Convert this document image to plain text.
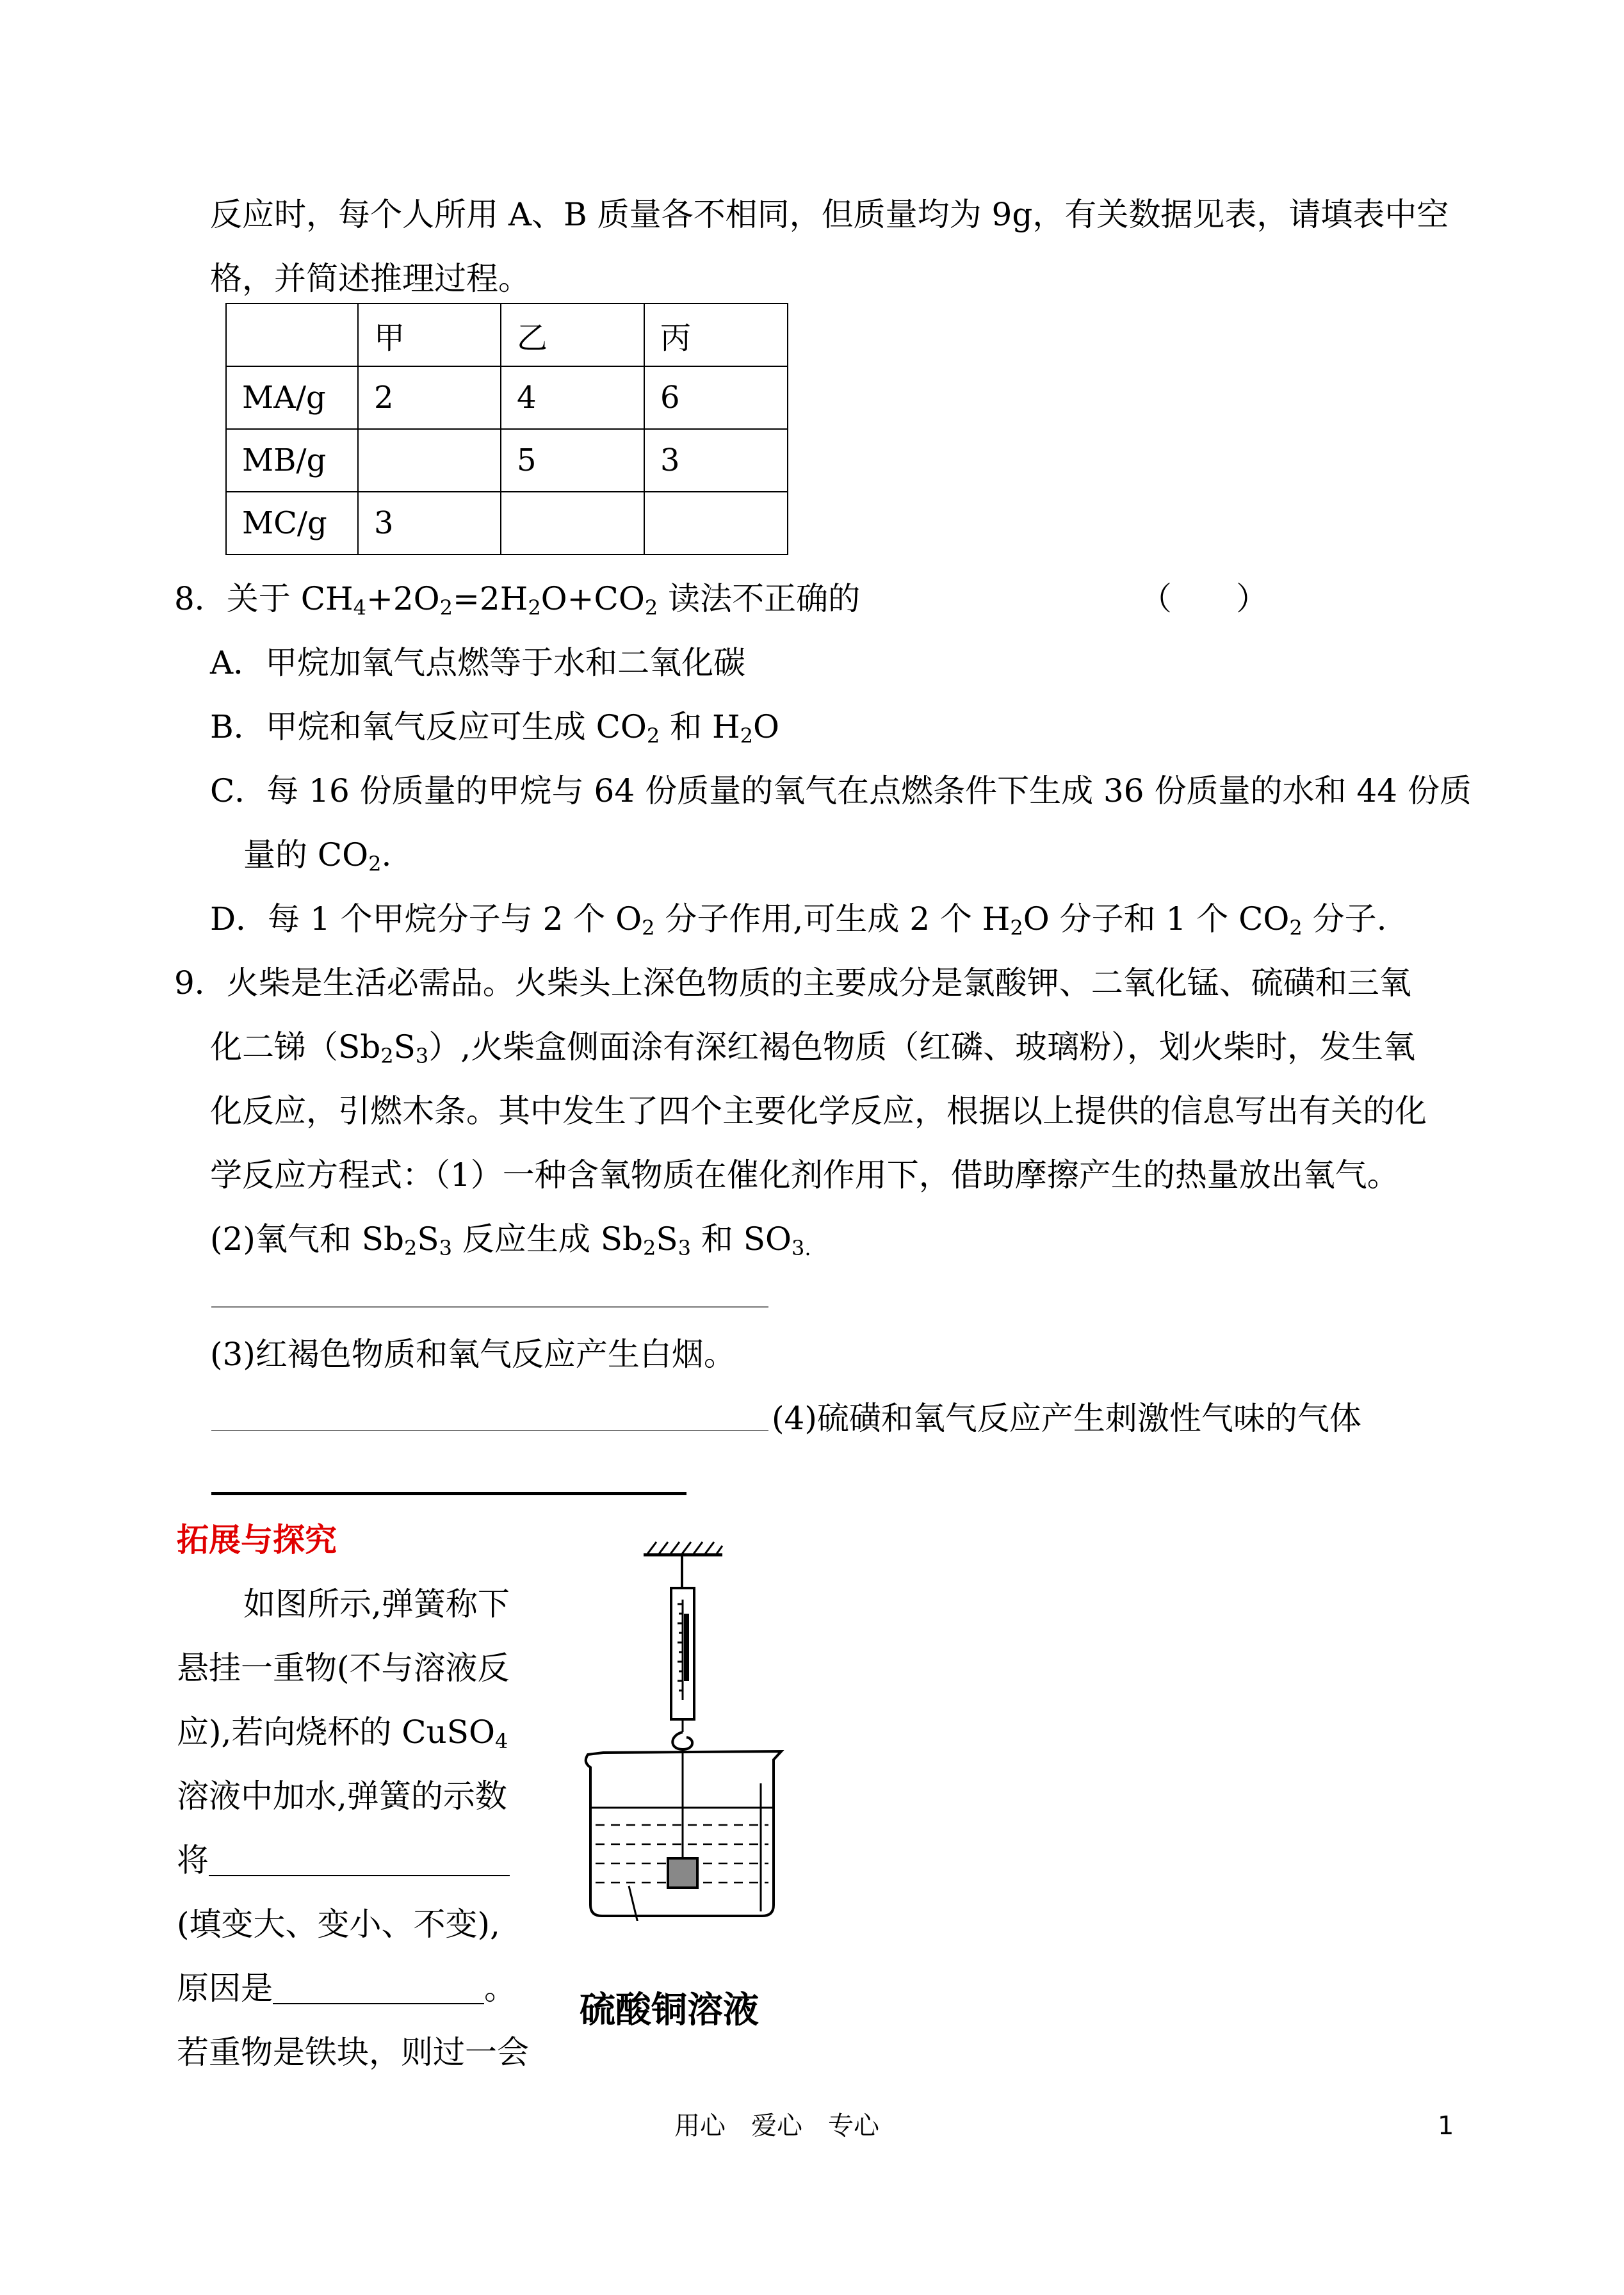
反应时，每个人所用 A、B 质量各不相同，但质量均为 9g，有关数据见表，请填表中空
格，并简述推理过程。
	甲	乙	丙
MA/g	2	4	6
MB/g		5	3
MC/g	3		
8．关于 $CH_4+2O_2=2H_2O+CO_2$ 读法不正确的	（　　）
A．甲烷加氧气点燃等于水和二氧化碳
B．甲烷和氧气反应可生成 $CO_2$ 和 $H_2O$
C．每 16 份质量的甲烷与 64 份质量的氧气在点燃条件下生成 36 份质量的水和 44 份质
量的 $CO_2$.
D．每 1 个甲烷分子与 2 个 $O_2$ 分子作用,可生成 2 个 $H_2O$ 分子和 1 个 $CO_2$ 分子.
9．火柴是生活必需品。火柴头上深色物质的主要成分是氯酸钾、二氧化锰、硫磺和三氧
化二锑$(Sb_2S_3)$,火柴盒侧面涂有深红褐色物质（红磷、玻璃粉），划火柴时，发生氧
化反应，引燃木条。其中发生了四个主要化学反应，根据以上提供的信息写出有关的化
学反应方程式：（1）一种含氧物质在催化剂作用下，借助摩擦产生的热量放出氧气。
(2)氧气和 $Sb_2S_3$ 反应生成 $Sb_2S_3$ 和 $SO_{3.}$
(3)红褐色物质和氧气反应产生白烟。
(4)硫磺和氧气反应产生刺激性气味的气体
拓展与探究
如图所示,弹簧称下
悬挂一重物(不与溶液反
应),若向烧杯的 CuSO$_4$
溶液中加水,弹簧的示数
将
(填变大、变小、不变),
原因是	。
若重物是铁块，则过一会
硫酸铜溶液
用心　爱心　专心	1
